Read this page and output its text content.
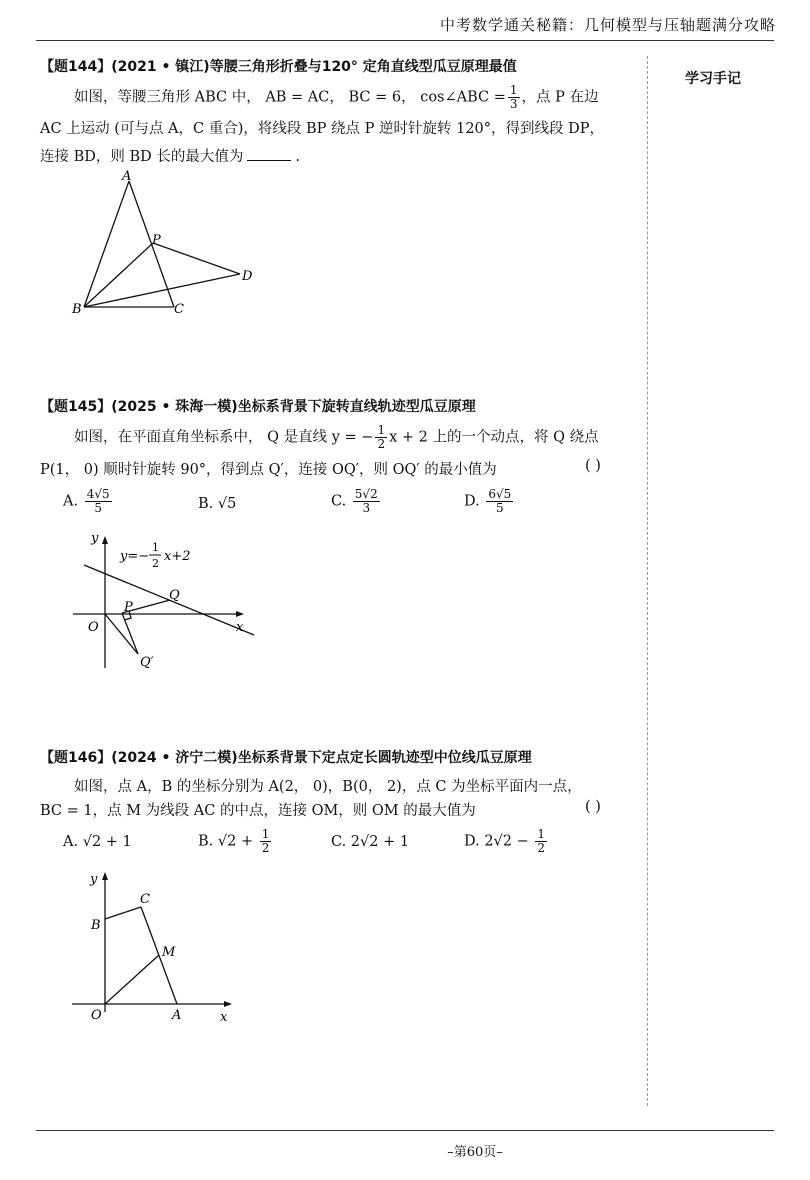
中考数学通关秘籍：几何模型与压轴题满分攻略
学习手记
【题144】(2021 • 镇江)等腰三角形折叠与120° 定角直线型瓜豆原理最值
如图，等腰三角形 ABC 中， AB = AC， BC = 6， cos∠ABC = $\frac{1}{3}$ ，点 P 在边
AC 上运动 (可与点 A，C 重合)，将线段 BP 绕点 P 逆时针旋转 120°，得到线段 DP，
连接 BD，则 BD 长的最大值为	.
A
B	C
P
D
【题145】(2025 • 珠海一模)坐标系背景下旋转直线轨迹型瓜豆原理
如图，在平面直角坐标系中， Q 是直线 y = − $\frac{1}{2}$ x + 2 上的一个动点，将 Q 绕点
P(1， 0) 顺时针旋转 90°，得到点 Q′，连接 OQ′，则 OQ′ 的最小值为	( )
A. $\frac{4√5}{5}$	B. √5	C. $\frac{5√2}{3}$	D. $\frac{6√5}{5}$
y
x
O
P
Q
Q′
y=−
1
2 x+2
【题146】(2024 • 济宁二模)坐标系背景下定点定长圆轨迹型中位线瓜豆原理
如图，点 A，B 的坐标分别为 A(2， 0)，B(0， 2)，点 C 为坐标平面内一点，
BC = 1，点 M 为线段 AC 的中点，连接 OM，则 OM 的最大值为	( )
A. √2 + 1	B. $√2 + \frac{1}{2}$	C. 2√2 + 1	D. $2√2 - \frac{1}{2}$
y
x
O	A
B
C
M
–第60页–
